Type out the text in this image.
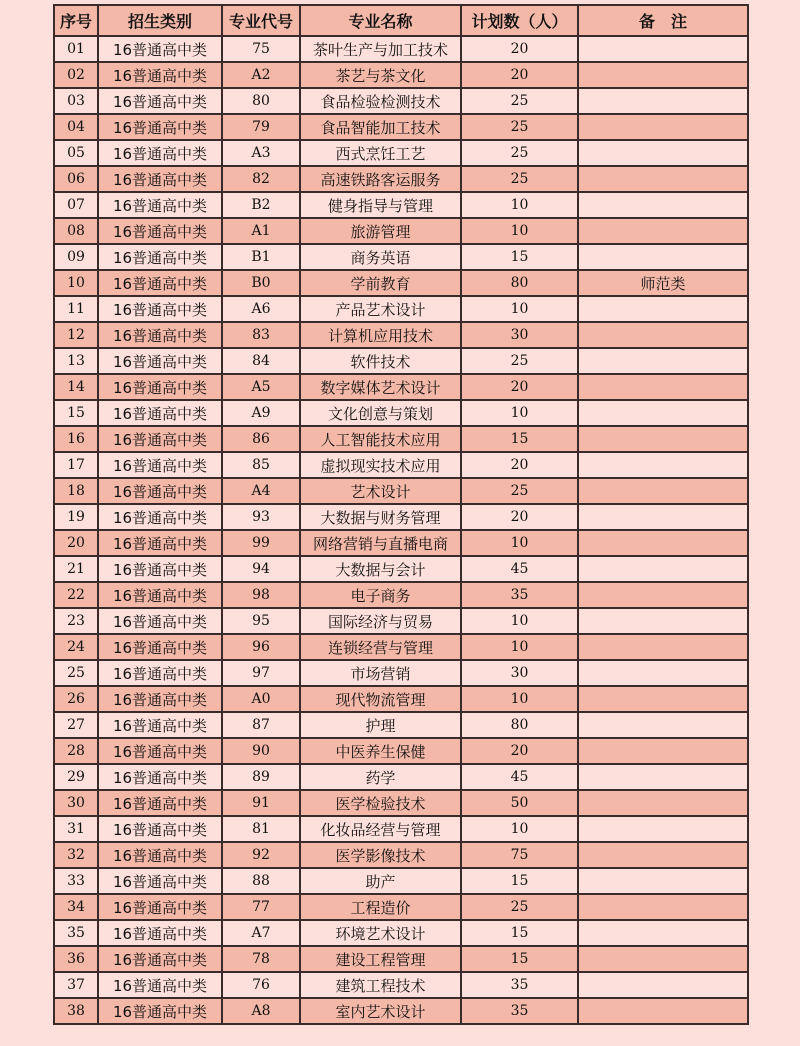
序号	招生类别	专业代号	专业名称	计划数（人）	备　注
01	16普通高中类	75	茶叶生产与加工技术	20	
02	16普通高中类	A2	茶艺与茶文化	20	
03	16普通高中类	80	食品检验检测技术	25	
04	16普通高中类	79	食品智能加工技术	25	
05	16普通高中类	A3	西式烹饪工艺	25	
06	16普通高中类	82	高速铁路客运服务	25	
07	16普通高中类	B2	健身指导与管理	10	
08	16普通高中类	A1	旅游管理	10	
09	16普通高中类	B1	商务英语	15	
10	16普通高中类	B0	学前教育	80	师范类
11	16普通高中类	A6	产品艺术设计	10	
12	16普通高中类	83	计算机应用技术	30	
13	16普通高中类	84	软件技术	25	
14	16普通高中类	A5	数字媒体艺术设计	20	
15	16普通高中类	A9	文化创意与策划	10	
16	16普通高中类	86	人工智能技术应用	15	
17	16普通高中类	85	虚拟现实技术应用	20	
18	16普通高中类	A4	艺术设计	25	
19	16普通高中类	93	大数据与财务管理	20	
20	16普通高中类	99	网络营销与直播电商	10	
21	16普通高中类	94	大数据与会计	45	
22	16普通高中类	98	电子商务	35	
23	16普通高中类	95	国际经济与贸易	10	
24	16普通高中类	96	连锁经营与管理	10	
25	16普通高中类	97	市场营销	30	
26	16普通高中类	A0	现代物流管理	10	
27	16普通高中类	87	护理	80	
28	16普通高中类	90	中医养生保健	20	
29	16普通高中类	89	药学	45	
30	16普通高中类	91	医学检验技术	50	
31	16普通高中类	81	化妆品经营与管理	10	
32	16普通高中类	92	医学影像技术	75	
33	16普通高中类	88	助产	15	
34	16普通高中类	77	工程造价	25	
35	16普通高中类	A7	环境艺术设计	15	
36	16普通高中类	78	建设工程管理	15	
37	16普通高中类	76	建筑工程技术	35	
38	16普通高中类	A8	室内艺术设计	35	
